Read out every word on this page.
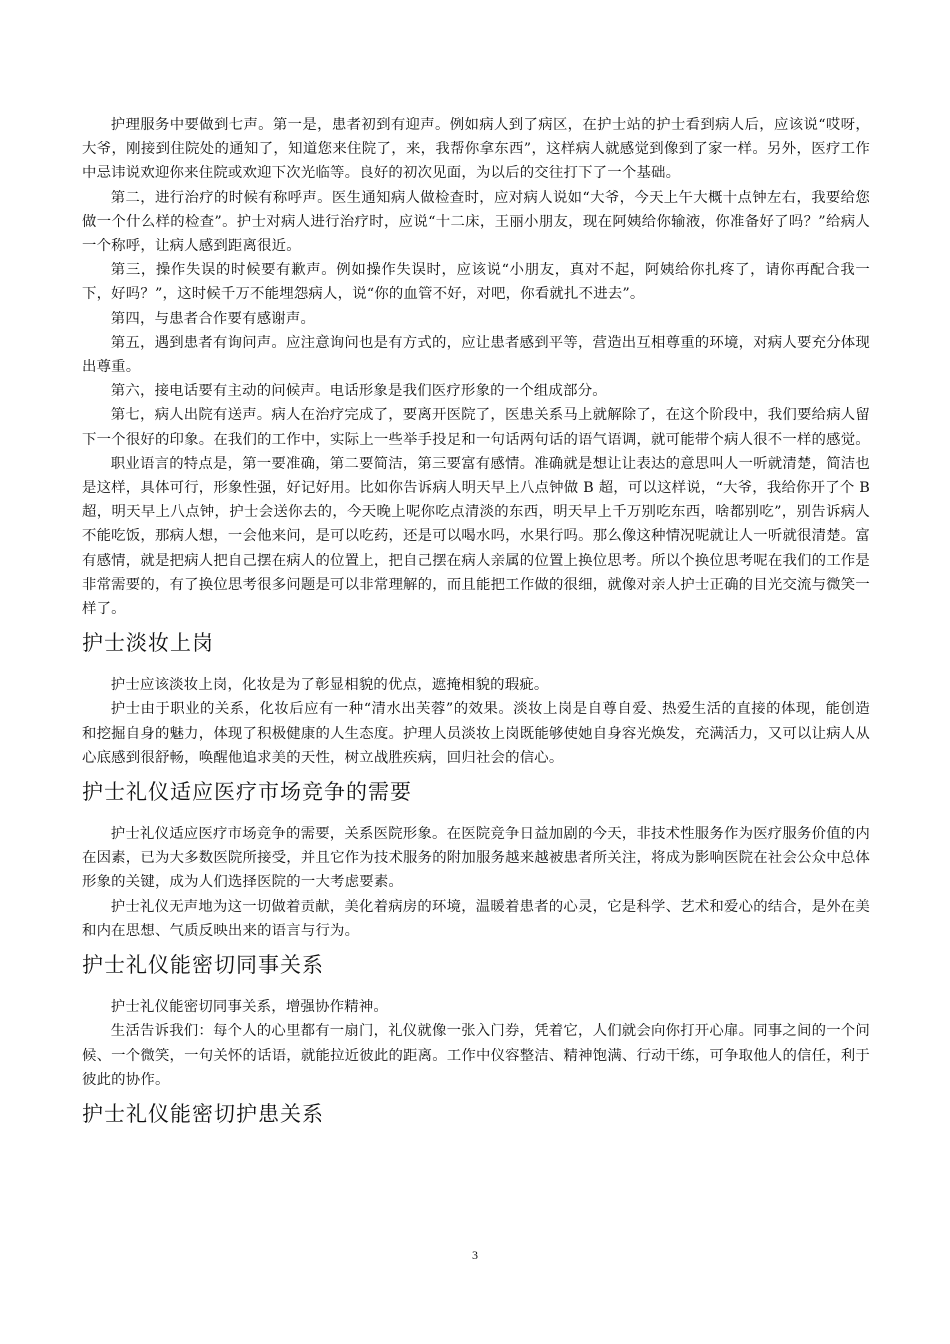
护理服务中要做到七声。第一是，患者初到有迎声。例如病人到了病区，在护士站的护士看到病人后，应该说“哎呀，大爷，刚接到住院处的通知了，知道您来住院了，来，我帮你拿东西”，这样病人就感觉到像到了家一样。另外，医疗工作中忌讳说欢迎你来住院或欢迎下次光临等。良好的初次见面，为以后的交往打下了一个基础。

第二，进行治疗的时候有称呼声。医生通知病人做检查时，应对病人说如“大爷，今天上午大概十点钟左右，我要给您做一个什么样的检查”。护士对病人进行治疗时，应说“十二床，王丽小朋友，现在阿姨给你输液，你准备好了吗？”给病人一个称呼，让病人感到距离很近。

第三，操作失误的时候要有歉声。例如操作失误时，应该说“小朋友，真对不起，阿姨给你扎疼了，请你再配合我一下，好吗？”，这时候千万不能埋怨病人，说“你的血管不好，对吧，你看就扎不进去”。

第四，与患者合作要有感谢声。

第五，遇到患者有询问声。应注意询问也是有方式的，应让患者感到平等，营造出互相尊重的环境，对病人要充分体现出尊重。

第六，接电话要有主动的问候声。电话形象是我们医疗形象的一个组成部分。

第七，病人出院有送声。病人在治疗完成了，要离开医院了，医患关系马上就解除了，在这个阶段中，我们要给病人留下一个很好的印象。在我们的工作中，实际上一些举手投足和一句话两句话的语气语调，就可能带个病人很不一样的感觉。

职业语言的特点是，第一要准确，第二要简洁，第三要富有感情。准确就是想让让表达的意思叫人一听就清楚，简洁也是这样，具体可行，形象性强，好记好用。比如你告诉病人明天早上八点钟做 B 超，可以这样说，“大爷，我给你开了个 B 超，明天早上八点钟，护士会送你去的，今天晚上呢你吃点清淡的东西，明天早上千万别吃东西，啥都别吃”，别告诉病人不能吃饭，那病人想，一会他来问，是可以吃药，还是可以喝水吗，水果行吗。那么像这种情况呢就让人一听就很清楚。富有感情，就是把病人把自己摆在病人的位置上，把自己摆在病人亲属的位置上换位思考。所以个换位思考呢在我们的工作是非常需要的，有了换位思考很多问题是可以非常理解的，而且能把工作做的很细，就像对亲人护士正确的目光交流与微笑一样了。

护士淡妆上岗

护士应该淡妆上岗，化妆是为了彰显相貌的优点，遮掩相貌的瑕疵。

护士由于职业的关系，化妆后应有一种“清水出芙蓉”的效果。淡妆上岗是自尊自爱、热爱生活的直接的体现，能创造和挖掘自身的魅力，体现了积极健康的人生态度。护理人员淡妆上岗既能够使她自身容光焕发，充满活力，又可以让病人从心底感到很舒畅，唤醒他追求美的天性，树立战胜疾病，回归社会的信心。

护士礼仪适应医疗市场竞争的需要

护士礼仪适应医疗市场竞争的需要，关系医院形象。在医院竞争日益加剧的今天，非技术性服务作为医疗服务价值的内在因素，已为大多数医院所接受，并且它作为技术服务的附加服务越来越被患者所关注，将成为影响医院在社会公众中总体形象的关键，成为人们选择医院的一大考虑要素。

护士礼仪无声地为这一切做着贡献，美化着病房的环境，温暖着患者的心灵，它是科学、艺术和爱心的结合，是外在美和内在思想、气质反映出来的语言与行为。

护士礼仪能密切同事关系

护士礼仪能密切同事关系，增强协作精神。

生活告诉我们：每个人的心里都有一扇门，礼仪就像一张入门券，凭着它，人们就会向你打开心扉。同事之间的一个问候、一个微笑，一句关怀的话语，就能拉近彼此的距离。工作中仪容整洁、精神饱满、行动干练，可争取他人的信任，利于彼此的协作。

护士礼仪能密切护患关系
3
